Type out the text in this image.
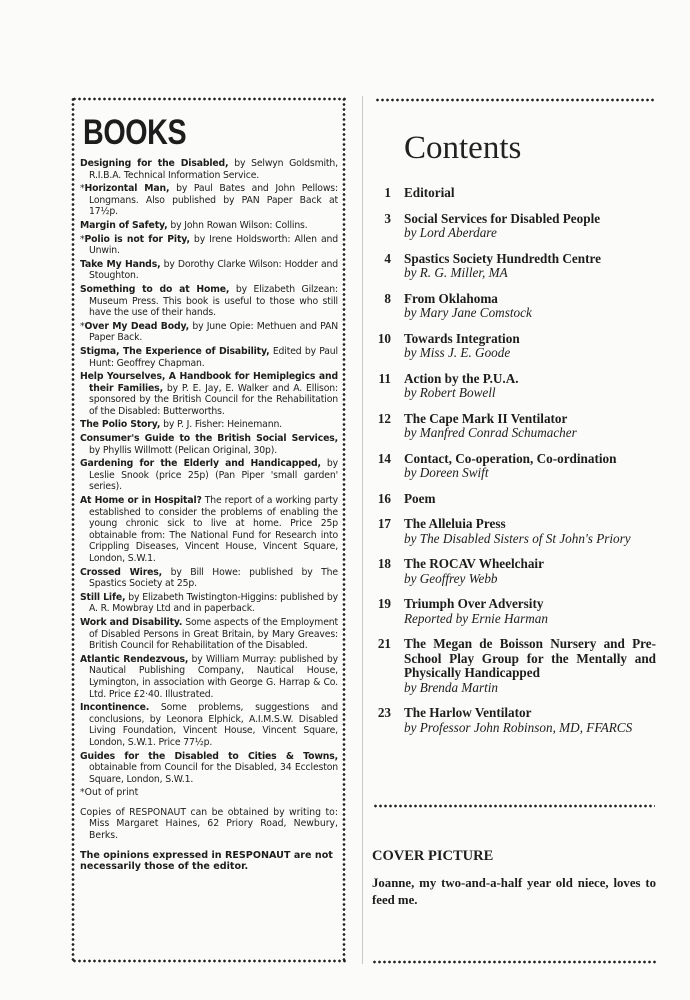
BOOKS
Designing for the Disabled, by Selwyn Goldsmith, R.I.B.A. Technical Information Service.
*Horizontal Man, by Paul Bates and John Pellows: Longmans. Also published by PAN Paper Back at 17½p.
Margin of Safety, by John Rowan Wilson: Collins.
*Polio is not for Pity, by Irene Holdsworth: Allen and Unwin.
Take My Hands, by Dorothy Clarke Wilson: Hodder and Stoughton.
Something to do at Home, by Elizabeth Gilzean: Museum Press. This book is useful to those who still have the use of their hands.
*Over My Dead Body, by June Opie: Methuen and PAN Paper Back.
Stigma, The Experience of Disability, Edited by Paul Hunt: Geoffrey Chapman.
Help Yourselves, A Handbook for Hemiplegics and their Families, by P. E. Jay, E. Walker and A. Ellison: sponsored by the British Council for the Rehabilitation of the Disabled: Butterworths.
The Polio Story, by P. J. Fisher: Heinemann.
Consumer's Guide to the British Social Services, by Phyllis Willmott (Pelican Original, 30p).
Gardening for the Elderly and Handicapped, by Leslie Snook (price 25p) (Pan Piper 'small garden' series).
At Home or in Hospital? The report of a working party established to consider the problems of enabling the young chronic sick to live at home. Price 25p obtainable from: The National Fund for Research into Crippling Diseases, Vincent House, Vincent Square, London, S.W.1.
Crossed Wires, by Bill Howe: published by The Spastics Society at 25p.
Still Life, by Elizabeth Twistington-Higgins: published by A. R. Mowbray Ltd and in paperback.
Work and Disability. Some aspects of the Employment of Disabled Persons in Great Britain, by Mary Greaves: British Council for Rehabilitation of the Disabled.
Atlantic Rendezvous, by William Murray: published by Nautical Publishing Company, Nautical House, Lymington, in association with George G. Harrap & Co. Ltd. Price £2·40. Illustrated.
Incontinence. Some problems, suggestions and conclusions, by Leonora Elphick, A.I.M.S.W. Disabled Living Foundation, Vincent House, Vincent Square, London, S.W.1. Price 77½p.
Guides for the Disabled to Cities & Towns, obtainable from Council for the Disabled, 34 Eccleston Square, London, S.W.1.
*Out of print
Copies of RESPONAUT can be obtained by writing to: Miss Margaret Haines, 62 Priory Road, Newbury, Berks.
The opinions expressed in RESPONAUT are not necessarily those of the editor.
Contents
1 Editorial
3 Social Services for Disabled People
by Lord Aberdare
4 Spastics Society Hundredth Centre
by R. G. Miller, MA
8 From Oklahoma
by Mary Jane Comstock
10 Towards Integration
by Miss J. E. Goode
11 Action by the P.U.A.
by Robert Bowell
12 The Cape Mark II Ventilator
by Manfred Conrad Schumacher
14 Contact, Co-operation, Co-ordination
by Doreen Swift
16 Poem
17 The Alleluia Press
by The Disabled Sisters of St John's Priory
18 The ROCAV Wheelchair
by Geoffrey Webb
19 Triumph Over Adversity
Reported by Ernie Harman
21 The Megan de Boisson Nursery and Pre-School Play Group for the Mentally and Physically Handicapped
by Brenda Martin
23 The Harlow Ventilator
by Professor John Robinson, MD, FFARCS
COVER PICTURE
Joanne, my two-and-a-half year old niece, loves to feed me.
